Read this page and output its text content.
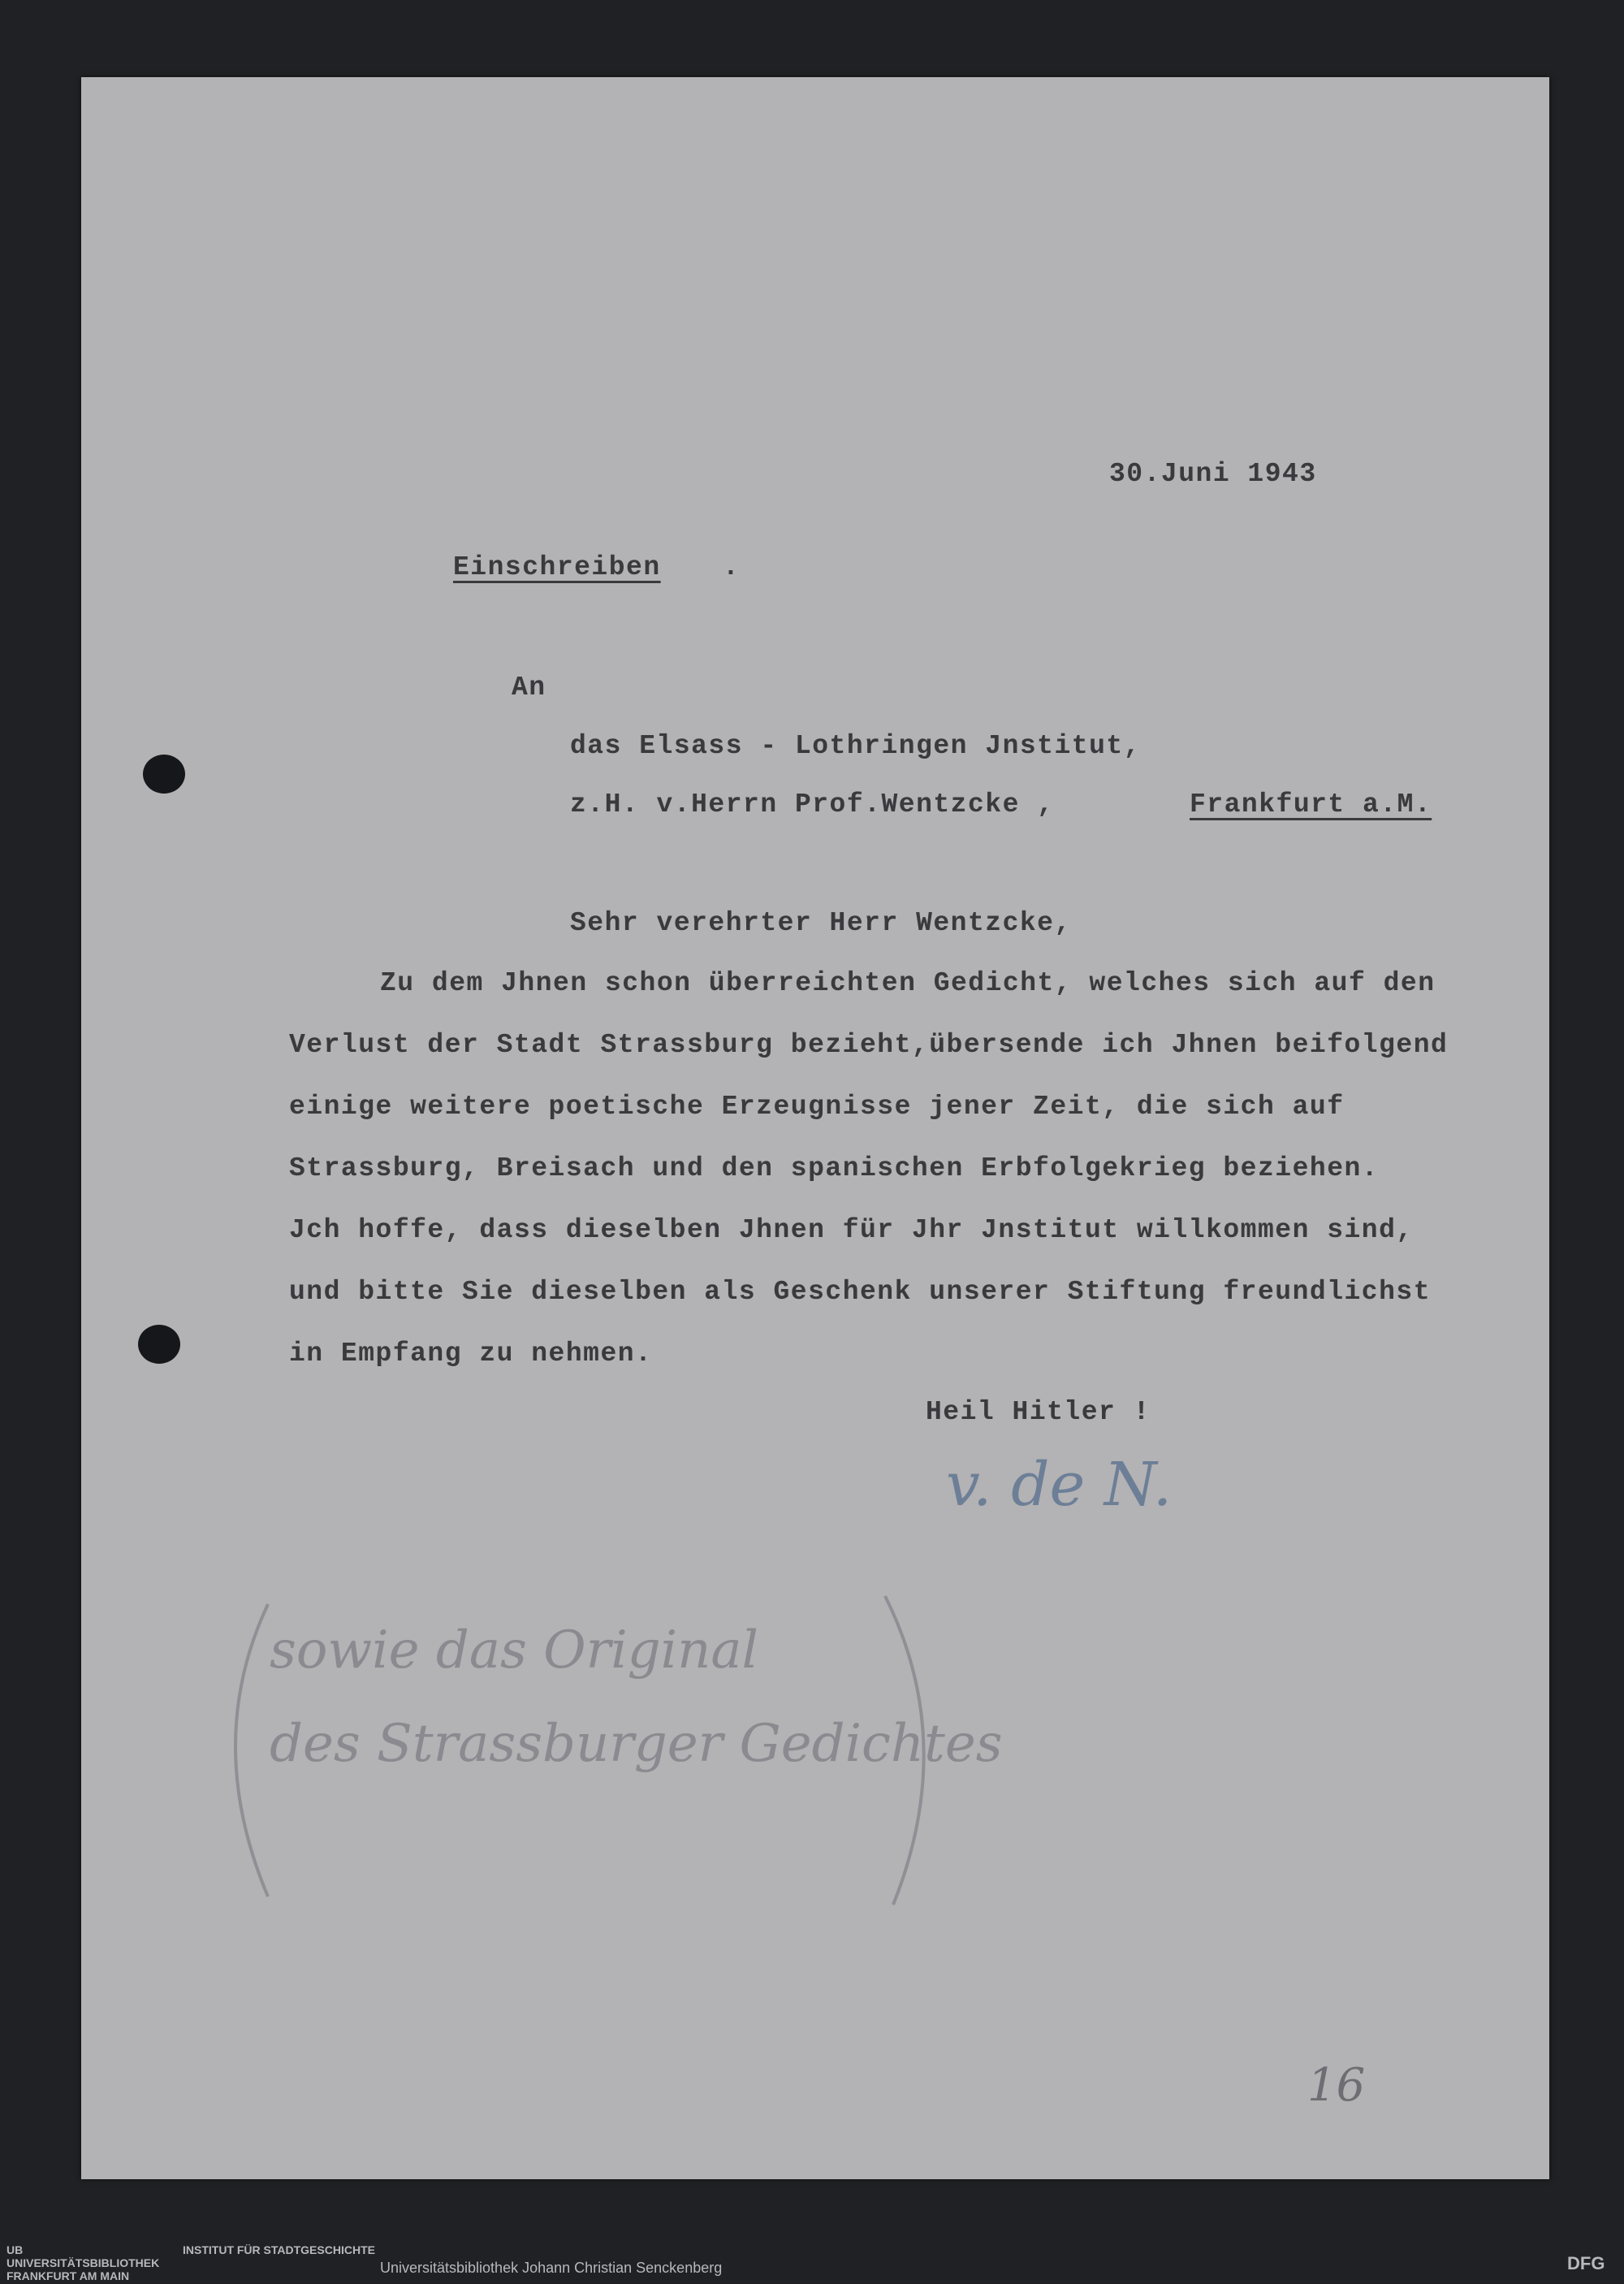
30.Juni 1943
Einschreiben .
An
das Elsass - Lothringen Jnstitut,
z.H. v.Herrn Prof.Wentzcke ,	Frankfurt a.M.
Sehr verehrter Herr Wentzcke,
Zu dem Jhnen schon überreichten Gedicht, welches sich auf den
Verlust der Stadt Strassburg bezieht,übersende ich Jhnen beifolgend
einige weitere poetische Erzeugnisse jener Zeit, die sich auf
Strassburg, Breisach und den spanischen Erbfolgekrieg beziehen.
Jch hoffe, dass dieselben Jhnen für Jhr Jnstitut willkommen sind,
und bitte Sie dieselben als Geschenk unserer Stiftung freundlichst
in Empfang zu nehmen.
Heil Hitler !
v. de N.
sowie das Original
des Strassburger Gedichtes
16
UB UNIVERSITÄTSBIBLIOTHEK FRANKFURT AM MAIN
INSTITUT FÜR STADTGESCHICHTE
Universitätsbibliothek Johann Christian Senckenberg	DFG
